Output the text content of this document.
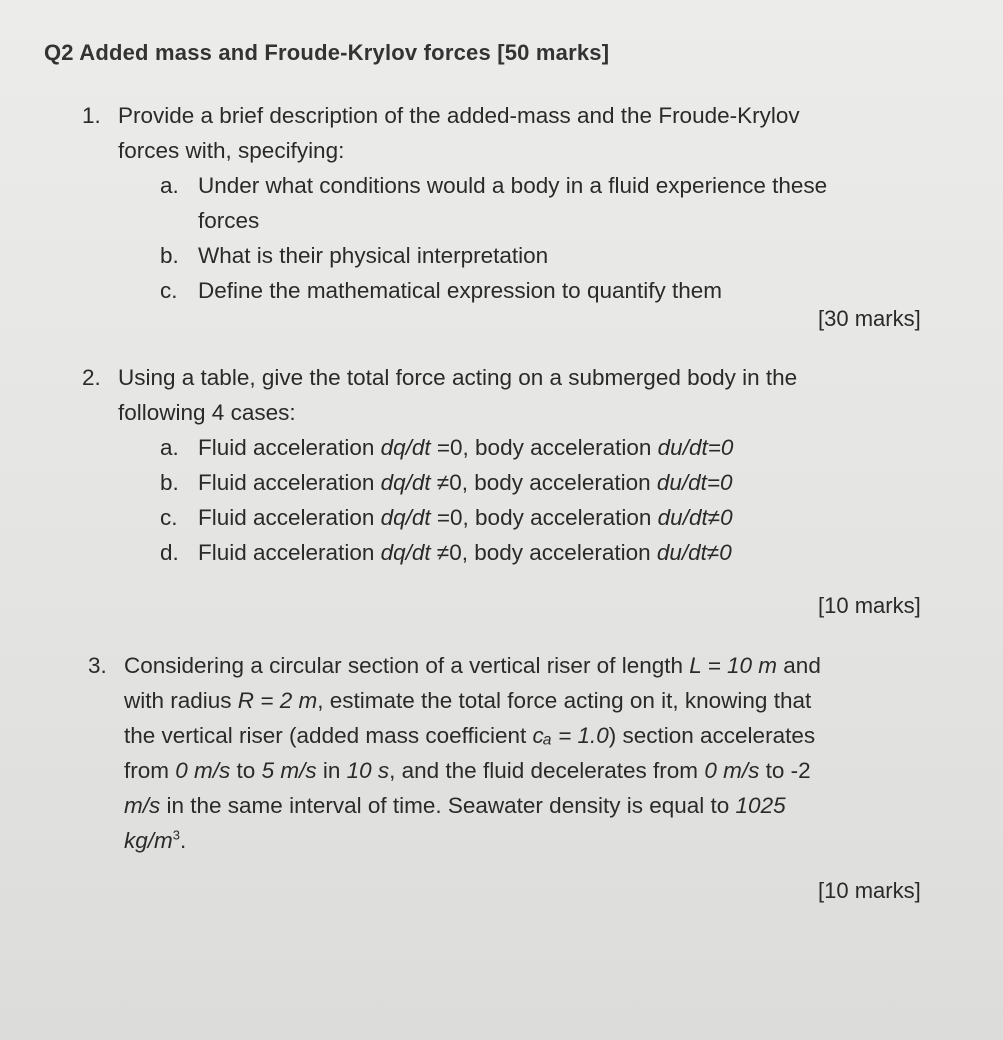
Q2 Added mass and Froude-Krylov forces [50 marks]
1. Provide a brief description of the added-mass and the Froude-Krylov
forces with, specifying:
a. Under what conditions would a body in a fluid experience these
forces
b. What is their physical interpretation
c. Define the mathematical expression to quantify them
[30 marks]
2. Using a table, give the total force acting on a submerged body in the
following 4 cases:
a. Fluid acceleration dq/dt =0, body acceleration du/dt=0
b. Fluid acceleration dq/dt ≠0, body acceleration du/dt=0
c. Fluid acceleration dq/dt =0, body acceleration du/dt≠0
d. Fluid acceleration dq/dt ≠0, body acceleration du/dt≠0
[10 marks]
3. Considering a circular section of a vertical riser of length L = 10 m and
with radius R = 2 m, estimate the total force acting on it, knowing that
the vertical riser (added mass coefficient cₐ = 1.0) section accelerates
from 0 m/s to 5 m/s in 10 s, and the fluid decelerates from 0 m/s to -2
m/s in the same interval of time. Seawater density is equal to 1025
$kg/m^3$.
[10 marks]
